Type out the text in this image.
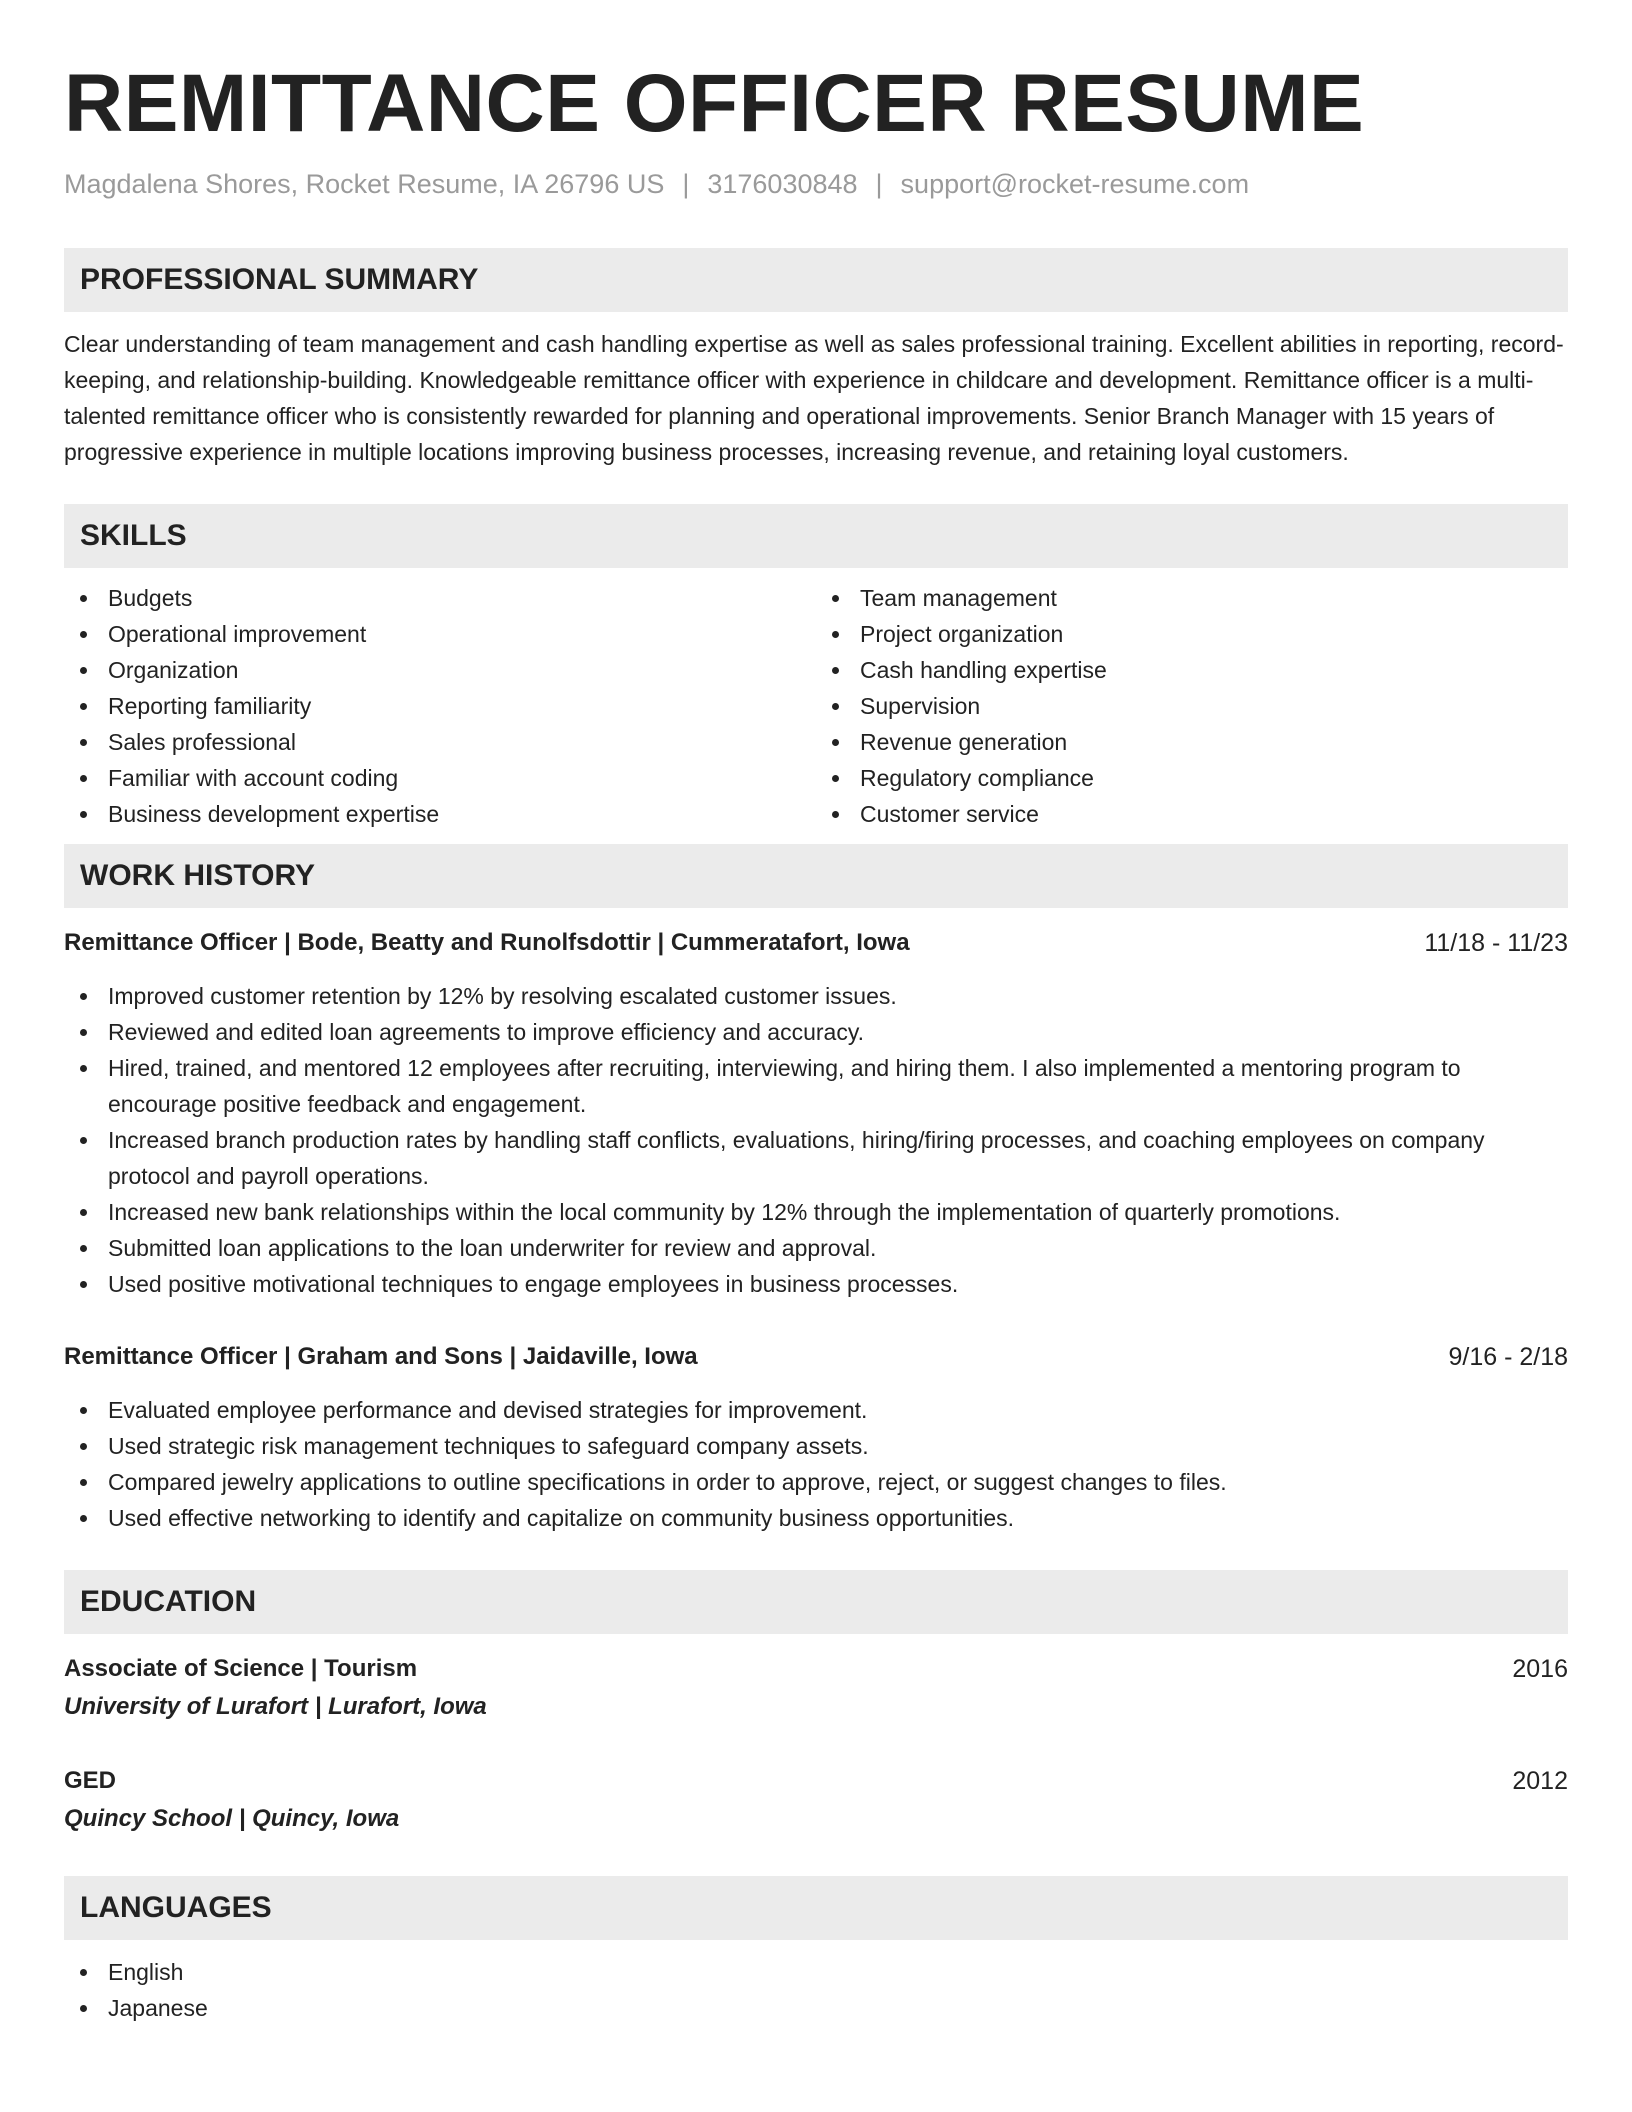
REMITTANCE OFFICER RESUME
Magdalena Shores, Rocket Resume, IA 26796 US | 3176030848 | support@rocket-resume.com
PROFESSIONAL SUMMARY

Clear understanding of team management and cash handling expertise as well as sales professional training. Excellent abilities in reporting, record-keeping, and relationship-building. Knowledgeable remittance officer with experience in childcare and development. Remittance officer is a multi-talented remittance officer who is consistently rewarded for planning and operational improvements. Senior Branch Manager with 15 years of progressive experience in multiple locations improving business processes, increasing revenue, and retaining loyal customers.

SKILLS
Budgets
Operational improvement
Organization
Reporting familiarity
Sales professional
Familiar with account coding
Business development expertise
Team management
Project organization
Cash handling expertise
Supervision
Revenue generation
Regulatory compliance
Customer service
WORK HISTORY
Remittance Officer | Bode, Beatty and Runolfsdottir | Cummeratafort, Iowa	11/18 - 11/23
Improved customer retention by 12% by resolving escalated customer issues.
Reviewed and edited loan agreements to improve efficiency and accuracy.
Hired, trained, and mentored 12 employees after recruiting, interviewing, and hiring them. I also implemented a mentoring program to encourage positive feedback and engagement.
Increased branch production rates by handling staff conflicts, evaluations, hiring/firing processes, and coaching employees on company protocol and payroll operations.
Increased new bank relationships within the local community by 12% through the implementation of quarterly promotions.
Submitted loan applications to the loan underwriter for review and approval.
Used positive motivational techniques to engage employees in business processes.
Remittance Officer | Graham and Sons | Jaidaville, Iowa	9/16 - 2/18
Evaluated employee performance and devised strategies for improvement.
Used strategic risk management techniques to safeguard company assets.
Compared jewelry applications to outline specifications in order to approve, reject, or suggest changes to files.
Used effective networking to identify and capitalize on community business opportunities.
EDUCATION
Associate of Science | Tourism	2016
University of Lurafort | Lurafort, Iowa
GED	2012
Quincy School | Quincy, Iowa
LANGUAGES
English
Japanese
